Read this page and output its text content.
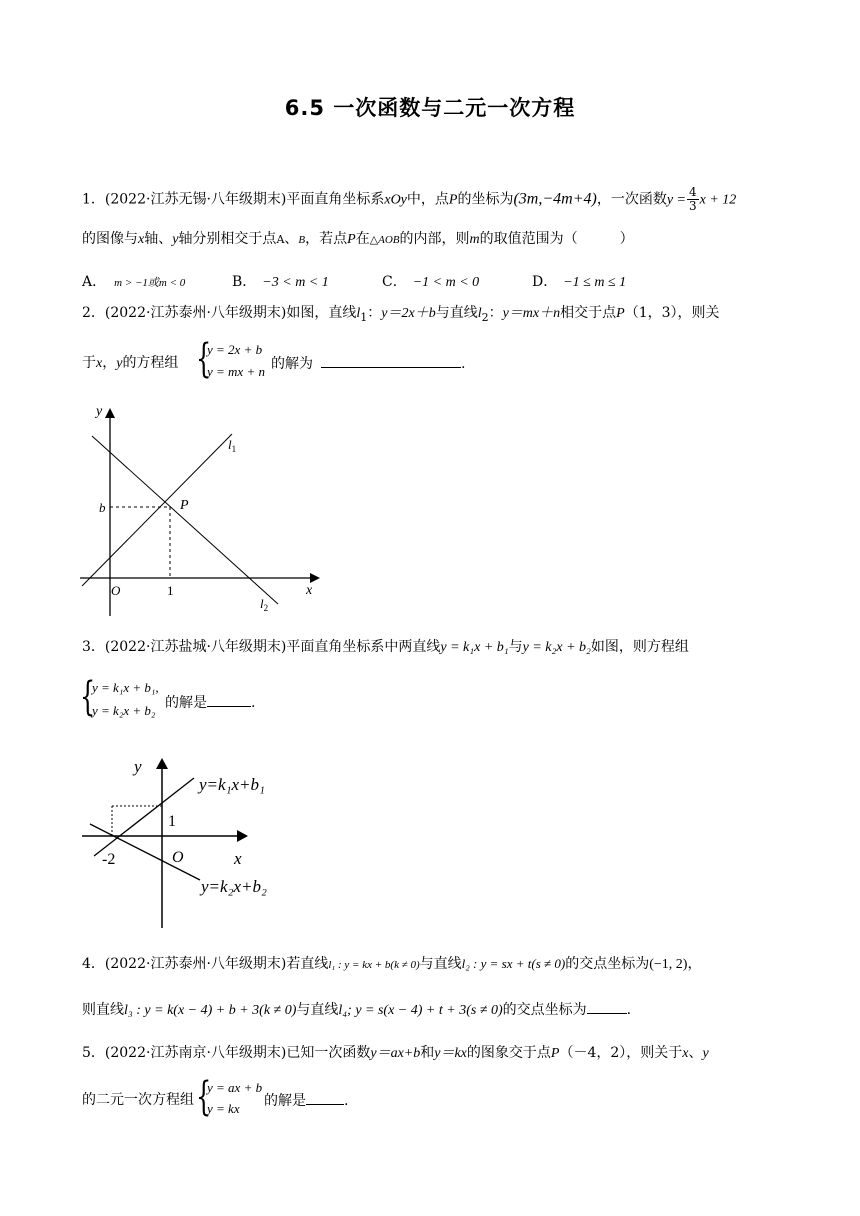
6.5 一次函数与二元一次方程
1．(2022·江苏无锡·八年级期末)平面直角坐标系xOy中，点P的坐标为(3m,−4m+4)，一次函数$y = \frac{4}{3}$ x + 12
的图像与x轴、y轴分别相交于点A、B，若点P在△AOB的内部，则m的取值范围为（　　　）
A． m > −1或m < 0	B． −3 < m < 1	C． −1 < m < 0	D． −1 ≤ m ≤ 1
2．(2022·江苏泰州·八年级期末)如图，直线$l_1$：y＝2x＋b与直线$l_2$：y＝mx＋n相交于点P（1，3），则关
于x，y的方程组 {
y = 2x + b
y = mx + n 的解为	.
y
x
O
b
1
P
$l_1$
$l_2$
3．(2022·江苏盐城·八年级期末)平面直角坐标系中两直线y = k₁x + b₁与y = k₂x + b₂如图，则方程组
{
y = k₁x + b₁,
y = k₂x + b₂ 的解是	.
y
x
O
1
-2
y=k₁x+b₁
y=k₂x+b₂
4．(2022·江苏泰州·八年级期末)若直线l₁ : y = kx + b(k ≠ 0)与直线l₂ : y = sx + t(s ≠ 0)的交点坐标为(−1, 2)，
则直线l₃ : y = k(x − 4) + b + 3(k ≠ 0)与直线l₄; y = s(x − 4) + t + 3(s ≠ 0)的交点坐标为	.
5．(2022·江苏南京·八年级期末)已知一次函数y＝ax+b和y＝kx的图象交于点P（－4，2），则关于x、y
的二元一次方程组 {
y = ax + b
y = kx 的解是	.
